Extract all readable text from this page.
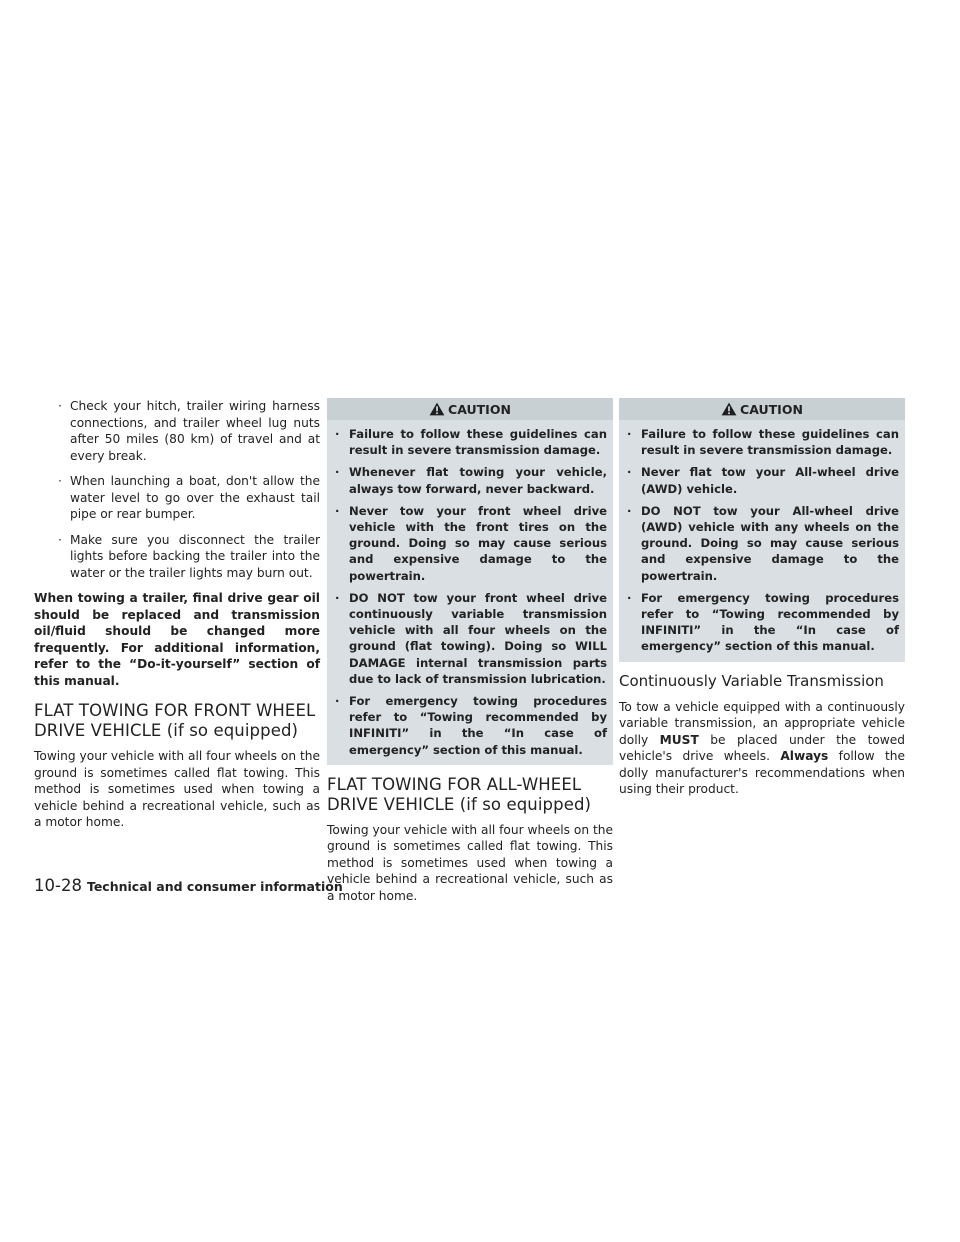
· Check your hitch, trailer wiring harness connections, and trailer wheel lug nuts after 50 miles (80 km) of travel and at every break.
· When launching a boat, don't allow the water level to go over the exhaust tail pipe or rear bumper.
· Make sure you disconnect the trailer lights before backing the trailer into the water or the trailer lights may burn out.

When towing a trailer, final drive gear oil should be replaced and transmission oil/fluid should be changed more frequently. For additional information, refer to the “Do-it-yourself” section of this manual.

FLAT TOWING FOR FRONT WHEEL DRIVE VEHICLE (if so equipped)

Towing your vehicle with all four wheels on the ground is sometimes called flat towing. This method is sometimes used when towing a vehicle behind a recreational vehicle, such as a motor home.

CAUTION
· Failure to follow these guidelines can result in severe transmission damage.
· Whenever flat towing your vehicle, always tow forward, never backward.
· Never tow your front wheel drive vehicle with the front tires on the ground. Doing so may cause serious and expensive damage to the powertrain.
· DO NOT tow your front wheel drive continuously variable transmission vehicle with all four wheels on the ground (flat towing). Doing so WILL DAMAGE internal transmission parts due to lack of transmission lubrication.
· For emergency towing procedures refer to “Towing recommended by INFINITI” in the “In case of emergency” section of this manual.
FLAT TOWING FOR ALL-WHEEL DRIVE VEHICLE (if so equipped)

Towing your vehicle with all four wheels on the ground is sometimes called flat towing. This method is sometimes used when towing a vehicle behind a recreational vehicle, such as a motor home.

CAUTION
· Failure to follow these guidelines can result in severe transmission damage.
· Never flat tow your All-wheel drive (AWD) vehicle.
· DO NOT tow your All-wheel drive (AWD) vehicle with any wheels on the ground. Doing so may cause serious and expensive damage to the powertrain.
· For emergency towing procedures refer to “Towing recommended by INFINITI” in the “In case of emergency” section of this manual.
Continuously Variable Transmission

To tow a vehicle equipped with a continuously variable transmission, an appropriate vehicle dolly MUST be placed under the towed vehicle's drive wheels. Always follow the dolly manufacturer's recommendations when using their product.

10-28 Technical and consumer information
